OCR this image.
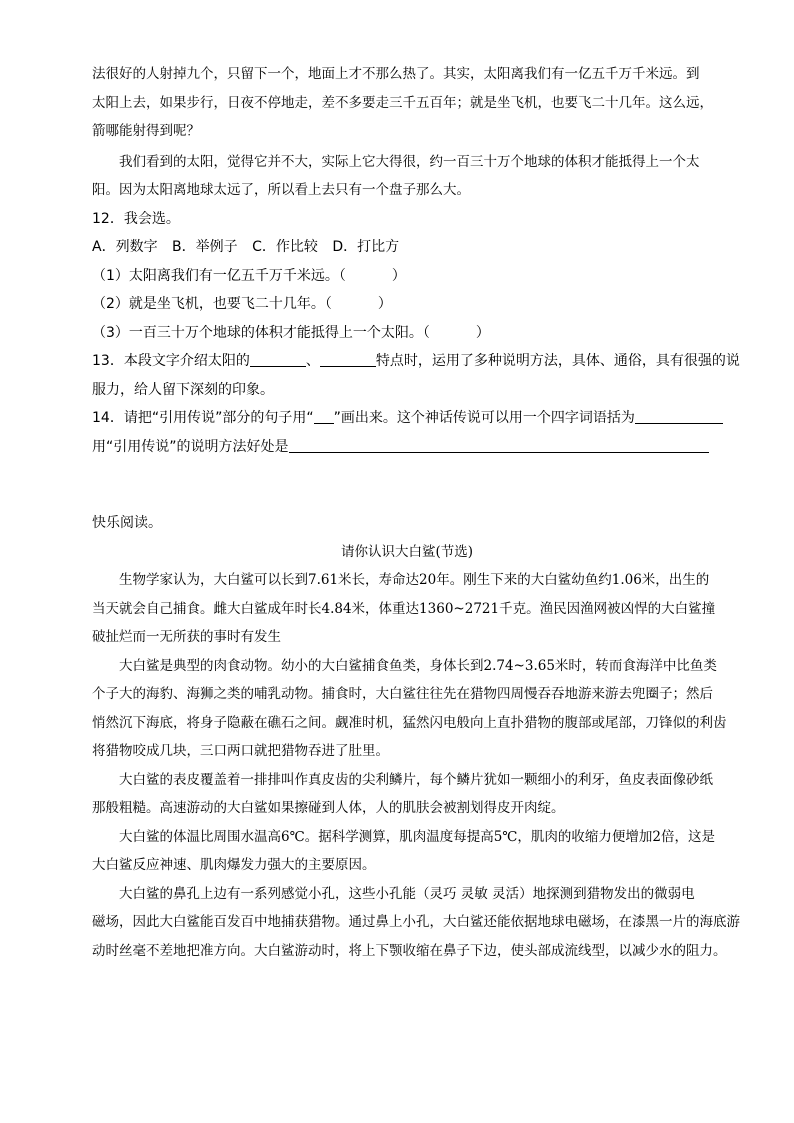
法很好的人射掉九个，只留下一个，地面上才不那么热了。其实，太阳离我们有一亿五千万千米远。到
太阳上去，如果步行，日夜不停地走，差不多要走三千五百年；就是坐飞机，也要飞二十几年。这么远，
箭哪能射得到呢？
我们看到的太阳，觉得它并不大，实际上它大得很，约一百三十万个地球的体积才能抵得上一个太
阳。因为太阳离地球太远了，所以看上去只有一个盘子那么大。
12．我会选。
A．列数字 B．举例子 C．作比较 D．打比方
（1）太阳离我们有一亿五千万千米远。（	）
（2）就是坐飞机，也要飞二十几年。（	）
（3）一百三十万个地球的体积才能抵得上一个太阳。（	）
13．本段文字介绍太阳的	、	特点时，运用了多种说明方法，具体、通俗，具有很强的说
服力，给人留下深刻的印象。
14．请把“引用传说”部分的句子用“ ”画出来。这个神话传说可以用一个四字词语括为
用“引用传说”的说明方法好处是
快乐阅读。
请你认识大白鲨(节选)

生物学家认为，大白鲨可以长到7.61米长，寿命达20年。刚生下来的大白鲨幼鱼约1.06米，出生的
当天就会自己捕食。雌大白鲨成年时长4.84米，体重达1360~2721千克。渔民因渔网被凶悍的大白鲨撞
破扯烂而一无所获的事时有发生

大白鲨是典型的肉食动物。幼小的大白鲨捕食鱼类，身体长到2.74~3.65米时，转而食海洋中比鱼类
个子大的海豹、海狮之类的哺乳动物。捕食时，大白鲨往往先在猎物四周慢吞吞地游来游去兜圈子；然后
悄然沉下海底，将身子隐蔽在礁石之间。觑准时机，猛然闪电般向上直扑猎物的腹部或尾部，刀锋似的利齿
将猎物咬成几块，三口两口就把猎物吞进了肚里。

大白鲨的表皮覆盖着一排排叫作真皮齿的尖利鳞片，每个鳞片犹如一颗细小的利牙，鱼皮表面像砂纸
那般粗糙。高速游动的大白鲨如果擦碰到人体，人的肌肤会被割划得皮开肉绽。

大白鲨的体温比周围水温高6℃。据科学测算，肌肉温度每提高5℃，肌肉的收缩力便增加2倍，这是
大白鲨反应神速、肌肉爆发力强大的主要原因。

大白鲨的鼻孔上边有一系列感觉小孔，这些小孔能（灵巧 灵敏 灵活）地探测到猎物发出的微弱电
磁场，因此大白鲨能百发百中地捕获猎物。通过鼻上小孔，大白鲨还能依据地球电磁场，在漆黑一片的海底游
动时丝毫不差地把准方向。大白鲨游动时，将上下颚收缩在鼻子下边，使头部成流线型，以减少水的阻力。
